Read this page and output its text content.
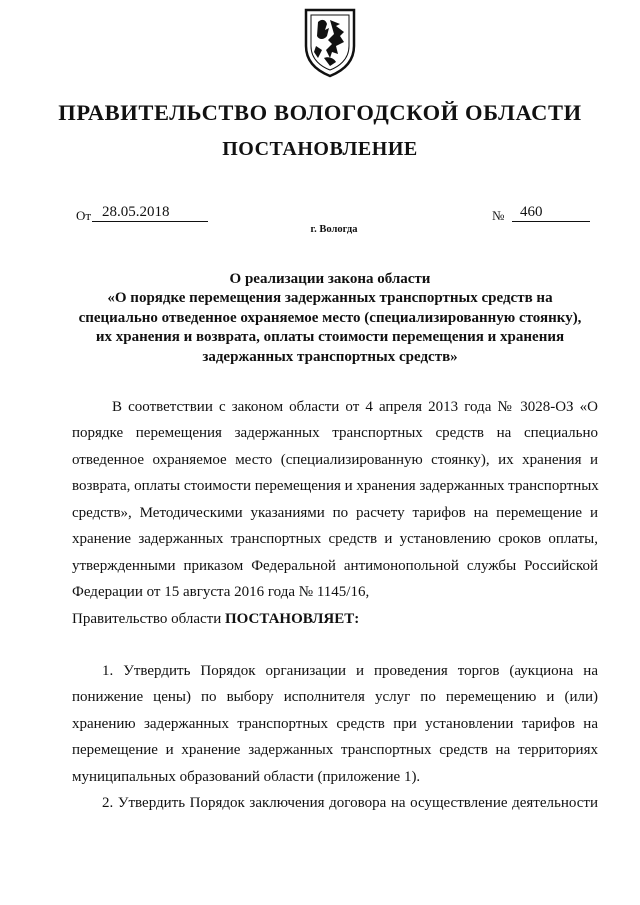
ПРАВИТЕЛЬСТВО ВОЛОГОДСКОЙ ОБЛАСТИ
ПОСТАНОВЛЕНИЕ
От 28.05.2018	№	460
г. Вологда
О реализации закона области
«О порядке перемещения задержанных транспортных средств на
специально отведенное охраняемое место (специализированную стоянку),
их хранения и возврата, оплаты стоимости перемещения и хранения
задержанных транспортных средств»
В соответствии с законом области от 4 апреля 2013 года № 3028-ОЗ «О
порядке перемещения задержанных транспортных средств на специально
отведенное охраняемое место (специализированную стоянку), их хранения и
возврата, оплаты стоимости перемещения и хранения задержанных транспортных
средств», Методическими указаниями по расчету тарифов на перемещение и
хранение задержанных транспортных средств и установлению сроков оплаты,
утвержденными приказом Федеральной антимонопольной службы Российской
Федерации от 15 августа 2016 года № 1145/16,
Правительство области ПОСТАНОВЛЯЕТ:
1. Утвердить Порядок организации и проведения торгов (аукциона на
понижение цены) по выбору исполнителя услуг по перемещению и (или)
хранению задержанных транспортных средств при установлении тарифов на
перемещение и хранение задержанных транспортных средств на территориях
муниципальных образований области (приложение 1).
2. Утвердить Порядок заключения договора на осуществление деятельности
